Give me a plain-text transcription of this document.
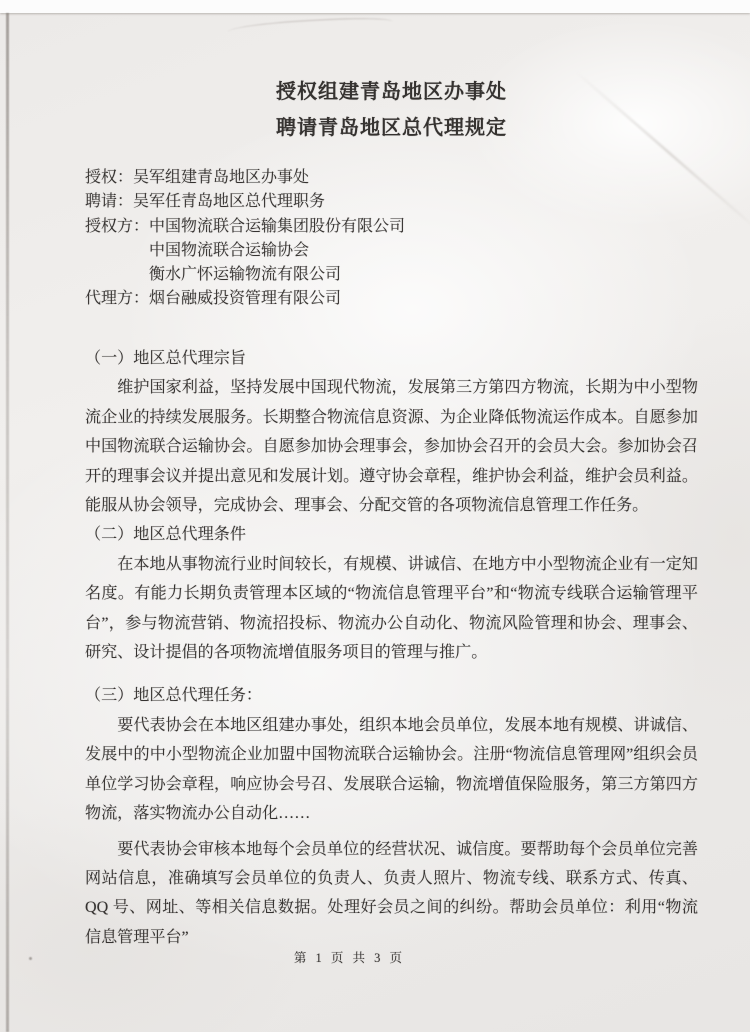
授权组建青岛地区办事处
聘请青岛地区总代理规定
授权： 吴军组建青岛地区办事处
聘请： 吴军任青岛地区总代理职务
授权方： 中国物流联合运输集团股份有限公司
中国物流联合运输协会
衡水广怀运输物流有限公司
代理方： 烟台融威投资管理有限公司
（一）地区总代理宗旨

维护国家利益，坚持发展中国现代物流，发展第三方第四方物流，长期为中小型物流企业的持续发展服务。长期整合物流信息资源、为企业降低物流运作成本。自愿参加中国物流联合运输协会。自愿参加协会理事会，参加协会召开的会员大会。参加协会召开的理事会议并提出意见和发展计划。遵守协会章程，维护协会利益，维护会员利益。能服从协会领导，完成协会、理事会、分配交管的各项物流信息管理工作任务。

（二）地区总代理条件

在本地从事物流行业时间较长，有规模、讲诚信、在地方中小型物流企业有一定知名度。有能力长期负责管理本区域的“物流信息管理平台”和“物流专线联合运输管理平台”，参与物流营销、物流招投标、物流办公自动化、物流风险管理和协会、理事会、研究、设计提倡的各项物流增值服务项目的管理与推广。

（三）地区总代理任务：

要代表协会在本地区组建办事处，组织本地会员单位，发展本地有规模、讲诚信、发展中的中小型物流企业加盟中国物流联合运输协会。注册“物流信息管理网”组织会员单位学习协会章程，响应协会号召、发展联合运输，物流增值保险服务，第三方第四方物流，落实物流办公自动化……

要代表协会审核本地每个会员单位的经营状况、诚信度。要帮助每个会员单位完善网站信息，准确填写会员单位的负责人、负责人照片、物流专线、联系方式、传真、QQ 号、网址、等相关信息数据。处理好会员之间的纠纷。帮助会员单位：利用“物流信息管理平台”

第 1 页 共 3 页
